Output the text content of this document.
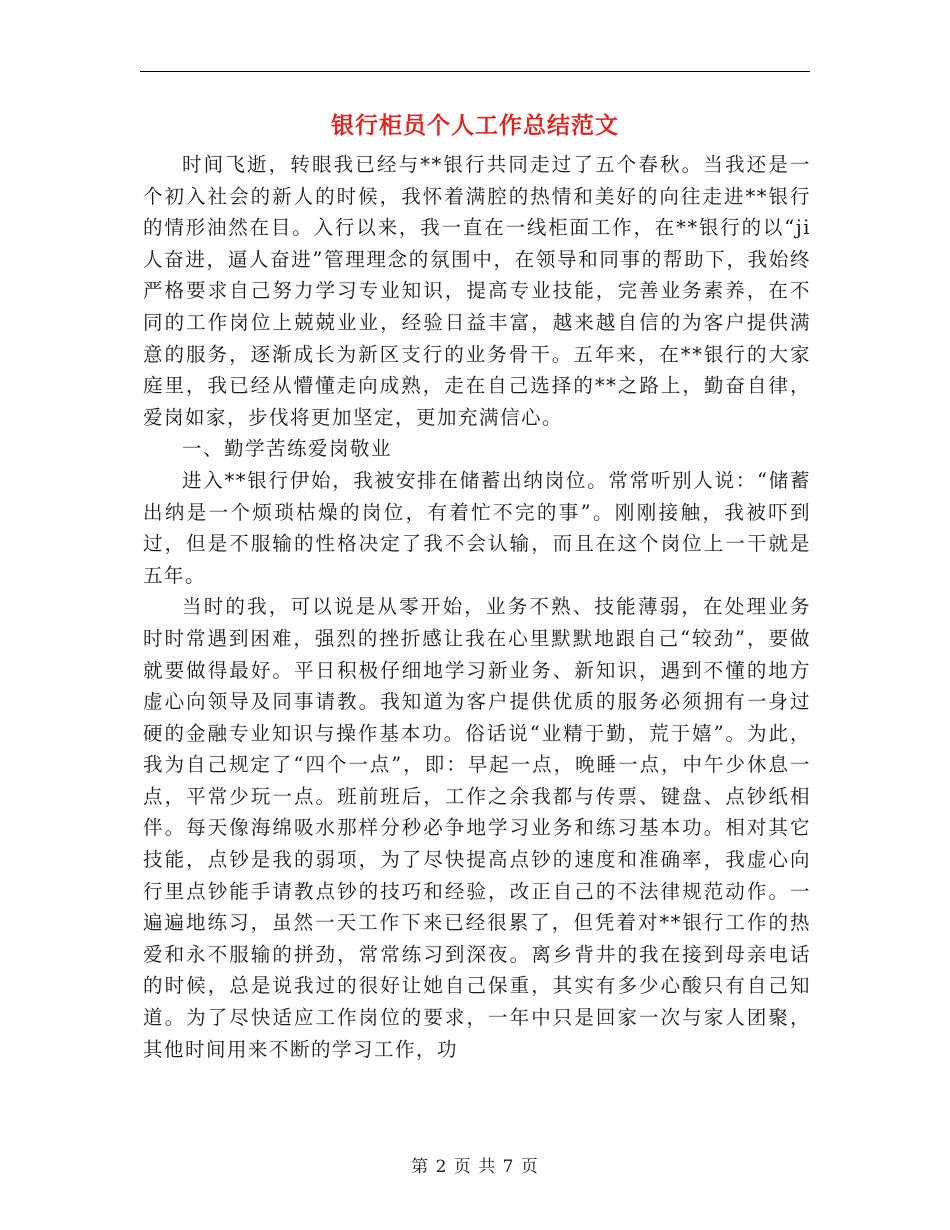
银行柜员个人工作总结范文

时间飞逝，转眼我已经与**银行共同走过了五个春秋。当我还是一个初入社会的新人的时候，我怀着满腔的热情和美好的向往走进**银行的情形油然在目。入行以来，我一直在一线柜面工作，在**银行的以“ji人奋进，逼人奋进”管理理念的氛围中，在领导和同事的帮助下，我始终严格要求自己努力学习专业知识，提高专业技能，完善业务素养，在不同的工作岗位上兢兢业业，经验日益丰富，越来越自信的为客户提供满意的服务，逐渐成长为新区支行的业务骨干。五年来，在**银行的大家庭里，我已经从懵懂走向成熟，走在自己选择的**之路上，勤奋自律，爱岗如家，步伐将更加坚定，更加充满信心。

一、勤学苦练爱岗敬业

进入**银行伊始，我被安排在储蓄出纳岗位。常常听别人说：“储蓄出纳是一个烦琐枯燥的岗位，有着忙不完的事”。刚刚接触，我被吓到过，但是不服输的性格决定了我不会认输，而且在这个岗位上一干就是五年。

当时的我，可以说是从零开始，业务不熟、技能薄弱，在处理业务时时常遇到困难，强烈的挫折感让我在心里默默地跟自己“较劲”，要做就要做得最好。平日积极仔细地学习新业务、新知识，遇到不懂的地方虚心向领导及同事请教。我知道为客户提供优质的服务必须拥有一身过硬的金融专业知识与操作基本功。俗话说“业精于勤，荒于嬉”。为此，我为自己规定了“四个一点”，即：早起一点，晚睡一点，中午少休息一点，平常少玩一点。班前班后，工作之余我都与传票、键盘、点钞纸相伴。每天像海绵吸水那样分秒必争地学习业务和练习基本功。相对其它技能，点钞是我的弱项，为了尽快提高点钞的速度和准确率，我虚心向行里点钞能手请教点钞的技巧和经验，改正自己的不法律规范动作。一遍遍地练习，虽然一天工作下来已经很累了，但凭着对**银行工作的热爱和永不服输的拼劲，常常练习到深夜。离乡背井的我在接到母亲电话的时候，总是说我过的很好让她自己保重，其实有多少心酸只有自己知道。为了尽快适应工作岗位的要求，一年中只是回家一次与家人团聚，其他时间用来不断的学习工作，功

第 2 页 共 7 页
